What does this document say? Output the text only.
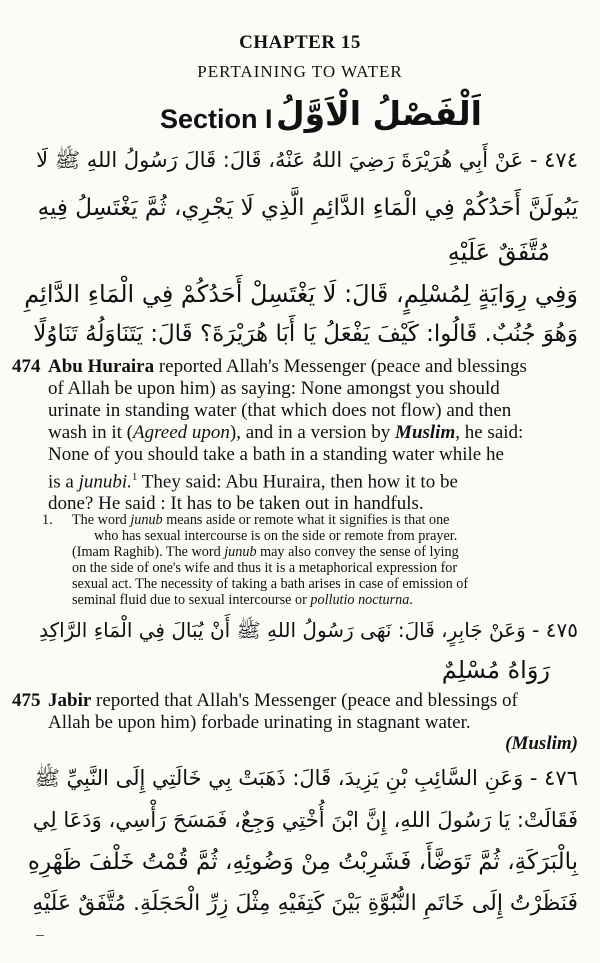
CHAPTER 15
PERTAINING TO WATER
Section I اَلْفَصْلُ الْاَوَّلُ
٤٧٤ - عَنْ أَبِي هُرَيْرَةَ رَضِيَ اللهُ عَنْهُ، قَالَ: قَالَ رَسُولُ اللهِ ﷺ لَا
يَبُولَنَّ أَحَدُكُمْ فِي الْمَاءِ الدَّائِمِ الَّذِي لَا يَجْرِي، ثُمَّ يَغْتَسِلُ فِيهِ
مُتَّفَقٌ عَلَيْهِ
وَفِي رِوَايَةٍ لِمُسْلِمٍ، قَالَ: لَا يَغْتَسِلْ أَحَدُكُمْ فِي الْمَاءِ الدَّائِمِ
وَهُوَ جُنُبٌ. قَالُوا: كَيْفَ يَفْعَلُ يَا أَبَا هُرَيْرَةَ؟ قَالَ: يَتَنَاوَلُهُ تَنَاوُلًا
474 Abu Huraira reported Allah's Messenger (peace and blessings
of Allah be upon him) as saying: None amongst you should
urinate in standing water (that which does not flow) and then
wash in it (Agreed upon), and in a version by Muslim, he said:
None of you should take a bath in a standing water while he
is a junubi.$^1$ They said: Abu Huraira, then how it to be
done? He said : It has to be taken out in handfuls.
1. The word junub means aside or remote what it signifies is that one
who has sexual intercourse is on the side or remote from prayer.
(Imam Raghib). The word junub may also convey the sense of lying
on the side of one's wife and thus it is a metaphorical expression for
sexual act. The necessity of taking a bath arises in case of emission of
seminal fluid due to sexual intercourse or pollutio nocturna.
٤٧٥ - وَعَنْ جَابِرٍ، قَالَ: نَهَى رَسُولُ اللهِ ﷺ أَنْ يُبَالَ فِي الْمَاءِ الرَّاكِدِ
رَوَاهُ مُسْلِمٌ
475 Jabir reported that Allah's Messenger (peace and blessings of
Allah be upon him) forbade urinating in stagnant water.
(Muslim)
٤٧٦ - وَعَنِ السَّائِبِ بْنِ يَزِيدَ، قَالَ: ذَهَبَتْ بِي خَالَتِي إِلَى النَّبِيِّ ﷺ
فَقَالَتْ: يَا رَسُولَ اللهِ، إِنَّ ابْنَ أُخْتِي وَجِعٌ، فَمَسَحَ رَأْسِي، وَدَعَا لِي
بِالْبَرَكَةِ، ثُمَّ تَوَضَّأَ، فَشَرِبْتُ مِنْ وَضُوئِهِ، ثُمَّ قُمْتُ خَلْفَ ظَهْرِهِ
فَنَظَرْتُ إِلَى خَاتَمِ النُّبُوَّةِ بَيْنَ كَتِفَيْهِ مِثْلَ زِرِّ الْحَجَلَةِ. مُتَّفَقٌ عَلَيْهِ
